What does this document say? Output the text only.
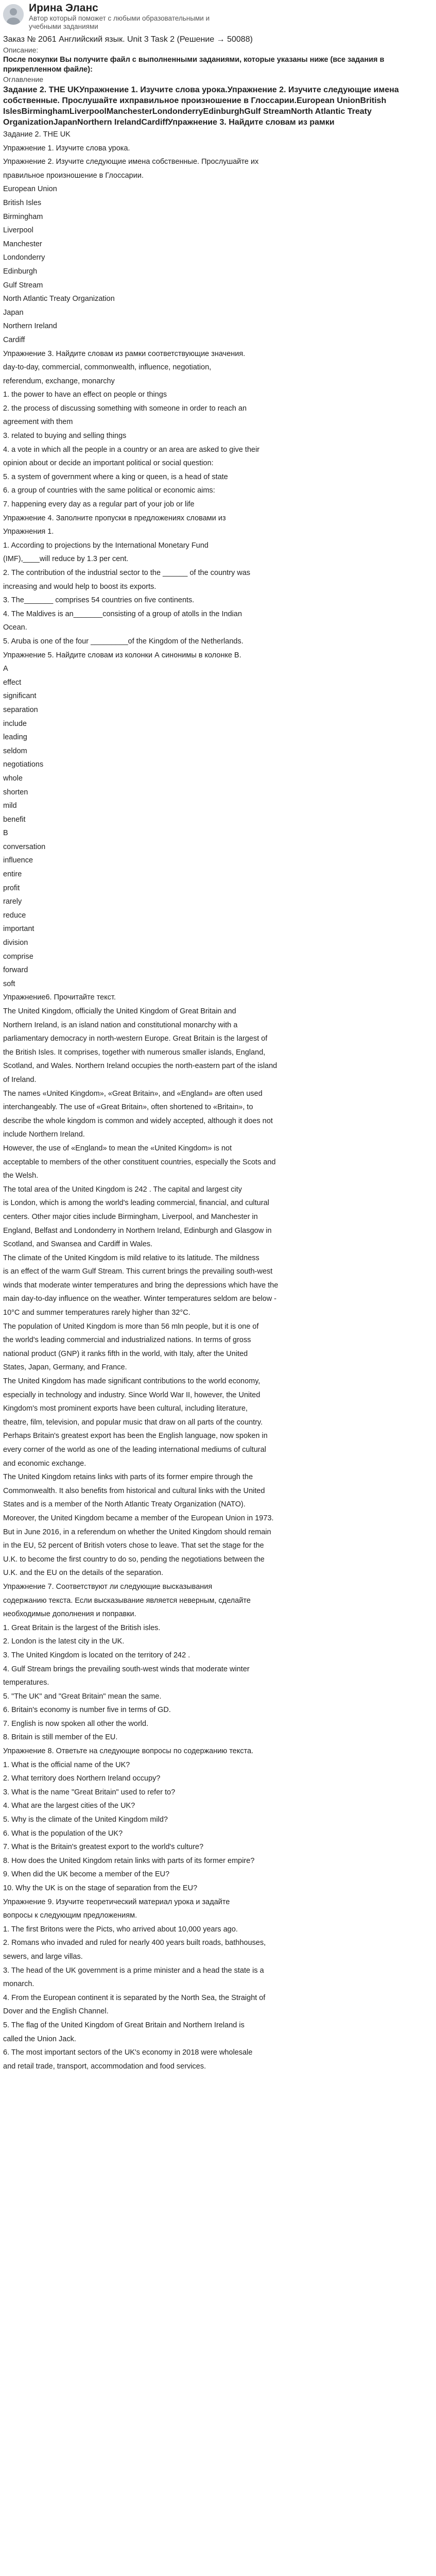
Ирина Эланс
Автор который поможет с любыми образовательными и учебными заданиями
Заказ № 2061 Английский язык. Unit 3 Task 2 (Решение → 50088)
Описание:
После покупки Вы получите файл с выполненными заданиями, которые указаны ниже (все задания в прикрепленном файле):
Оглавление
Задание 2. THE UKУпражнение 1. Изучите слова урока.Упражнение 2. Изучите следующие имена собственные. Прослушайте ихправильное произношение в Глоссарии.European UnionBritish IslesBirminghamLiverpoolManchesterLondonderryEdinburghGulf StreamNorth Atlantic Treaty OrganizationJapanNorthern IrelandCardiffУпражнение 3. Найдите словам из рамки

Задание 2. THE UK

Упражнение 1. Изучите слова урока.

Упражнение 2. Изучите следующие имена собственные. Прослушайте их

правильное произношение в Глоссарии.

European Union

British Isles

Birmingham

Liverpool

Manchester

Londonderry

Edinburgh

Gulf Stream

North Atlantic Treaty Organization

Japan

Northern Ireland

Cardiff

Упражнение 3. Найдите словам из рамки соответствующие значения.

day-to-day, commercial, commonwealth, influence, negotiation,

referendum, exchange, monarchy

1. the power to have an effect on people or things

2. the process of discussing something with someone in order to reach an

agreement with them

3. related to buying and selling things

4. a vote in which all the people in a country or an area are asked to give their

opinion about or decide an important political or social question:

5. a system of government where a king or queen, is a head of state

6. a group of countries with the same political or economic aims:

7. happening every day as a regular part of your job or life

Упражнение 4. Заполните пропуски в предложениях словами из

Упражнения 1.

1. According to projections by the International Monetary Fund

(IMF),____will reduce by 1.3 per cent.

2. The contribution of the industrial sector to the ______ of the country was

increasing and would help to boost its exports.

3. The_______ comprises 54 countries on five continents.

4. The Maldives is an_______consisting of a group of atolls in the Indian

Ocean.

5. Aruba is one of the four _________of the Kingdom of the Netherlands.

Упражнение 5. Найдите словам из колонки А синонимы в колонке В.

A

effect

significant

separation

include

leading

seldom

negotiations

whole

shorten

mild

benefit

B

conversation

influence

entire

profit

rarely

reduce

important

division

comprise

forward

soft

Упражнение6. Прочитайте текст.

The United Kingdom, officially the United Kingdom of Great Britain and

Northern Ireland, is an island nation and constitutional monarchy with a

parliamentary democracy in north-western Europe. Great Britain is the largest of

the British Isles. It comprises, together with numerous smaller islands, England,

Scotland, and Wales. Northern Ireland occupies the north-eastern part of the island

of Ireland.

The names «United Kingdom», «Great Britain», and «England» are often used

interchangeably. The use of «Great Britain», often shortened to «Britain», to

describe the whole kingdom is common and widely accepted, although it does not

include Northern Ireland.

However, the use of «England» to mean the «United Kingdom» is not

acceptable to members of the other constituent countries, especially the Scots and

the Welsh.

The total area of the United Kingdom is 242 . The capital and largest city

is London, which is among the world's leading commercial, financial, and cultural

centers. Other major cities include Birmingham, Liverpool, and Manchester in

England, Belfast and Londonderry in Northern Ireland, Edinburgh and Glasgow in

Scotland, and Swansea and Cardiff in Wales.

The climate of the United Kingdom is mild relative to its latitude. The mildness

is an effect of the warm Gulf Stream. This current brings the prevailing south-west

winds that moderate winter temperatures and bring the depressions which have the

main day-to-day influence on the weather. Winter temperatures seldom are below -

10°C and summer temperatures rarely higher than 32°C.

The population of United Kingdom is more than 56 mln people, but it is one of

the world's leading commercial and industrialized nations. In terms of gross

national product (GNP) it ranks fifth in the world, with Italy, after the United

States, Japan, Germany, and France.

The United Kingdom has made significant contributions to the world economy,

especially in technology and industry. Since World War II, however, the United

Kingdom's most prominent exports have been cultural, including literature,

theatre, film, television, and popular music that draw on all parts of the country.

Perhaps Britain's greatest export has been the English language, now spoken in

every corner of the world as one of the leading international mediums of cultural

and economic exchange.

The United Kingdom retains links with parts of its former empire through the

Commonwealth. It also benefits from historical and cultural links with the United

States and is a member of the North Atlantic Treaty Organization (NATO).

Moreover, the United Kingdom became a member of the European Union in 1973.

But in June 2016, in a referendum on whether the United Kingdom should remain

in the EU, 52 percent of British voters chose to leave. That set the stage for the

U.K. to become the first country to do so, pending the negotiations between the

U.K. and the EU on the details of the separation.

Упражнение 7. Соответствуют ли следующие высказывания

содержанию текста. Если высказывание является неверным, сделайте

необходимые дополнения и поправки.

1. Great Britain is the largest of the British isles.

2. London is the latest city in the UK.

3. The United Kingdom is located on the territory of 242 .

4. Gulf Stream brings the prevailing south-west winds that moderate winter

temperatures.

5. "The UK" and "Great Britain" mean the same.

6. Britain's economy is number five in terms of GD.

7. English is now spoken all other the world.

8. Britain is still member of the EU.

Упражнение 8. Ответьте на следующие вопросы по содержанию текста.

1. What is the official name of the UK?

2. What territory does Northern Ireland occupy?

3. What is the name "Great Britain" used to refer to?

4. What are the largest cities of the UK?

5. Why is the climate of the United Kingdom mild?

6. What is the population of the UK?

7. What is the Britain's greatest export to the world's culture?

8. How does the United Kingdom retain links with parts of its former empire?

9. When did the UK become a member of the EU?

10. Why the UK is on the stage of separation from the EU?

Упражнение 9. Изучите теоретический материал урока и задайте

вопросы к следующим предложениям.

1. The first Britons were the Picts, who arrived about 10,000 years ago.

2. Romans who invaded and ruled for nearly 400 years built roads, bathhouses,

sewers, and large villas.

3. The head of the UK government is a prime minister and a head the state is a

monarch.

4. From the European continent it is separated by the North Sea, the Straight of

Dover and the English Channel.

5. The flag of the United Kingdom of Great Britain and Northern Ireland is

called the Union Jack.

6. The most important sectors of the UK's economy in 2018 were wholesale

and retail trade, transport, accommodation and food services.
